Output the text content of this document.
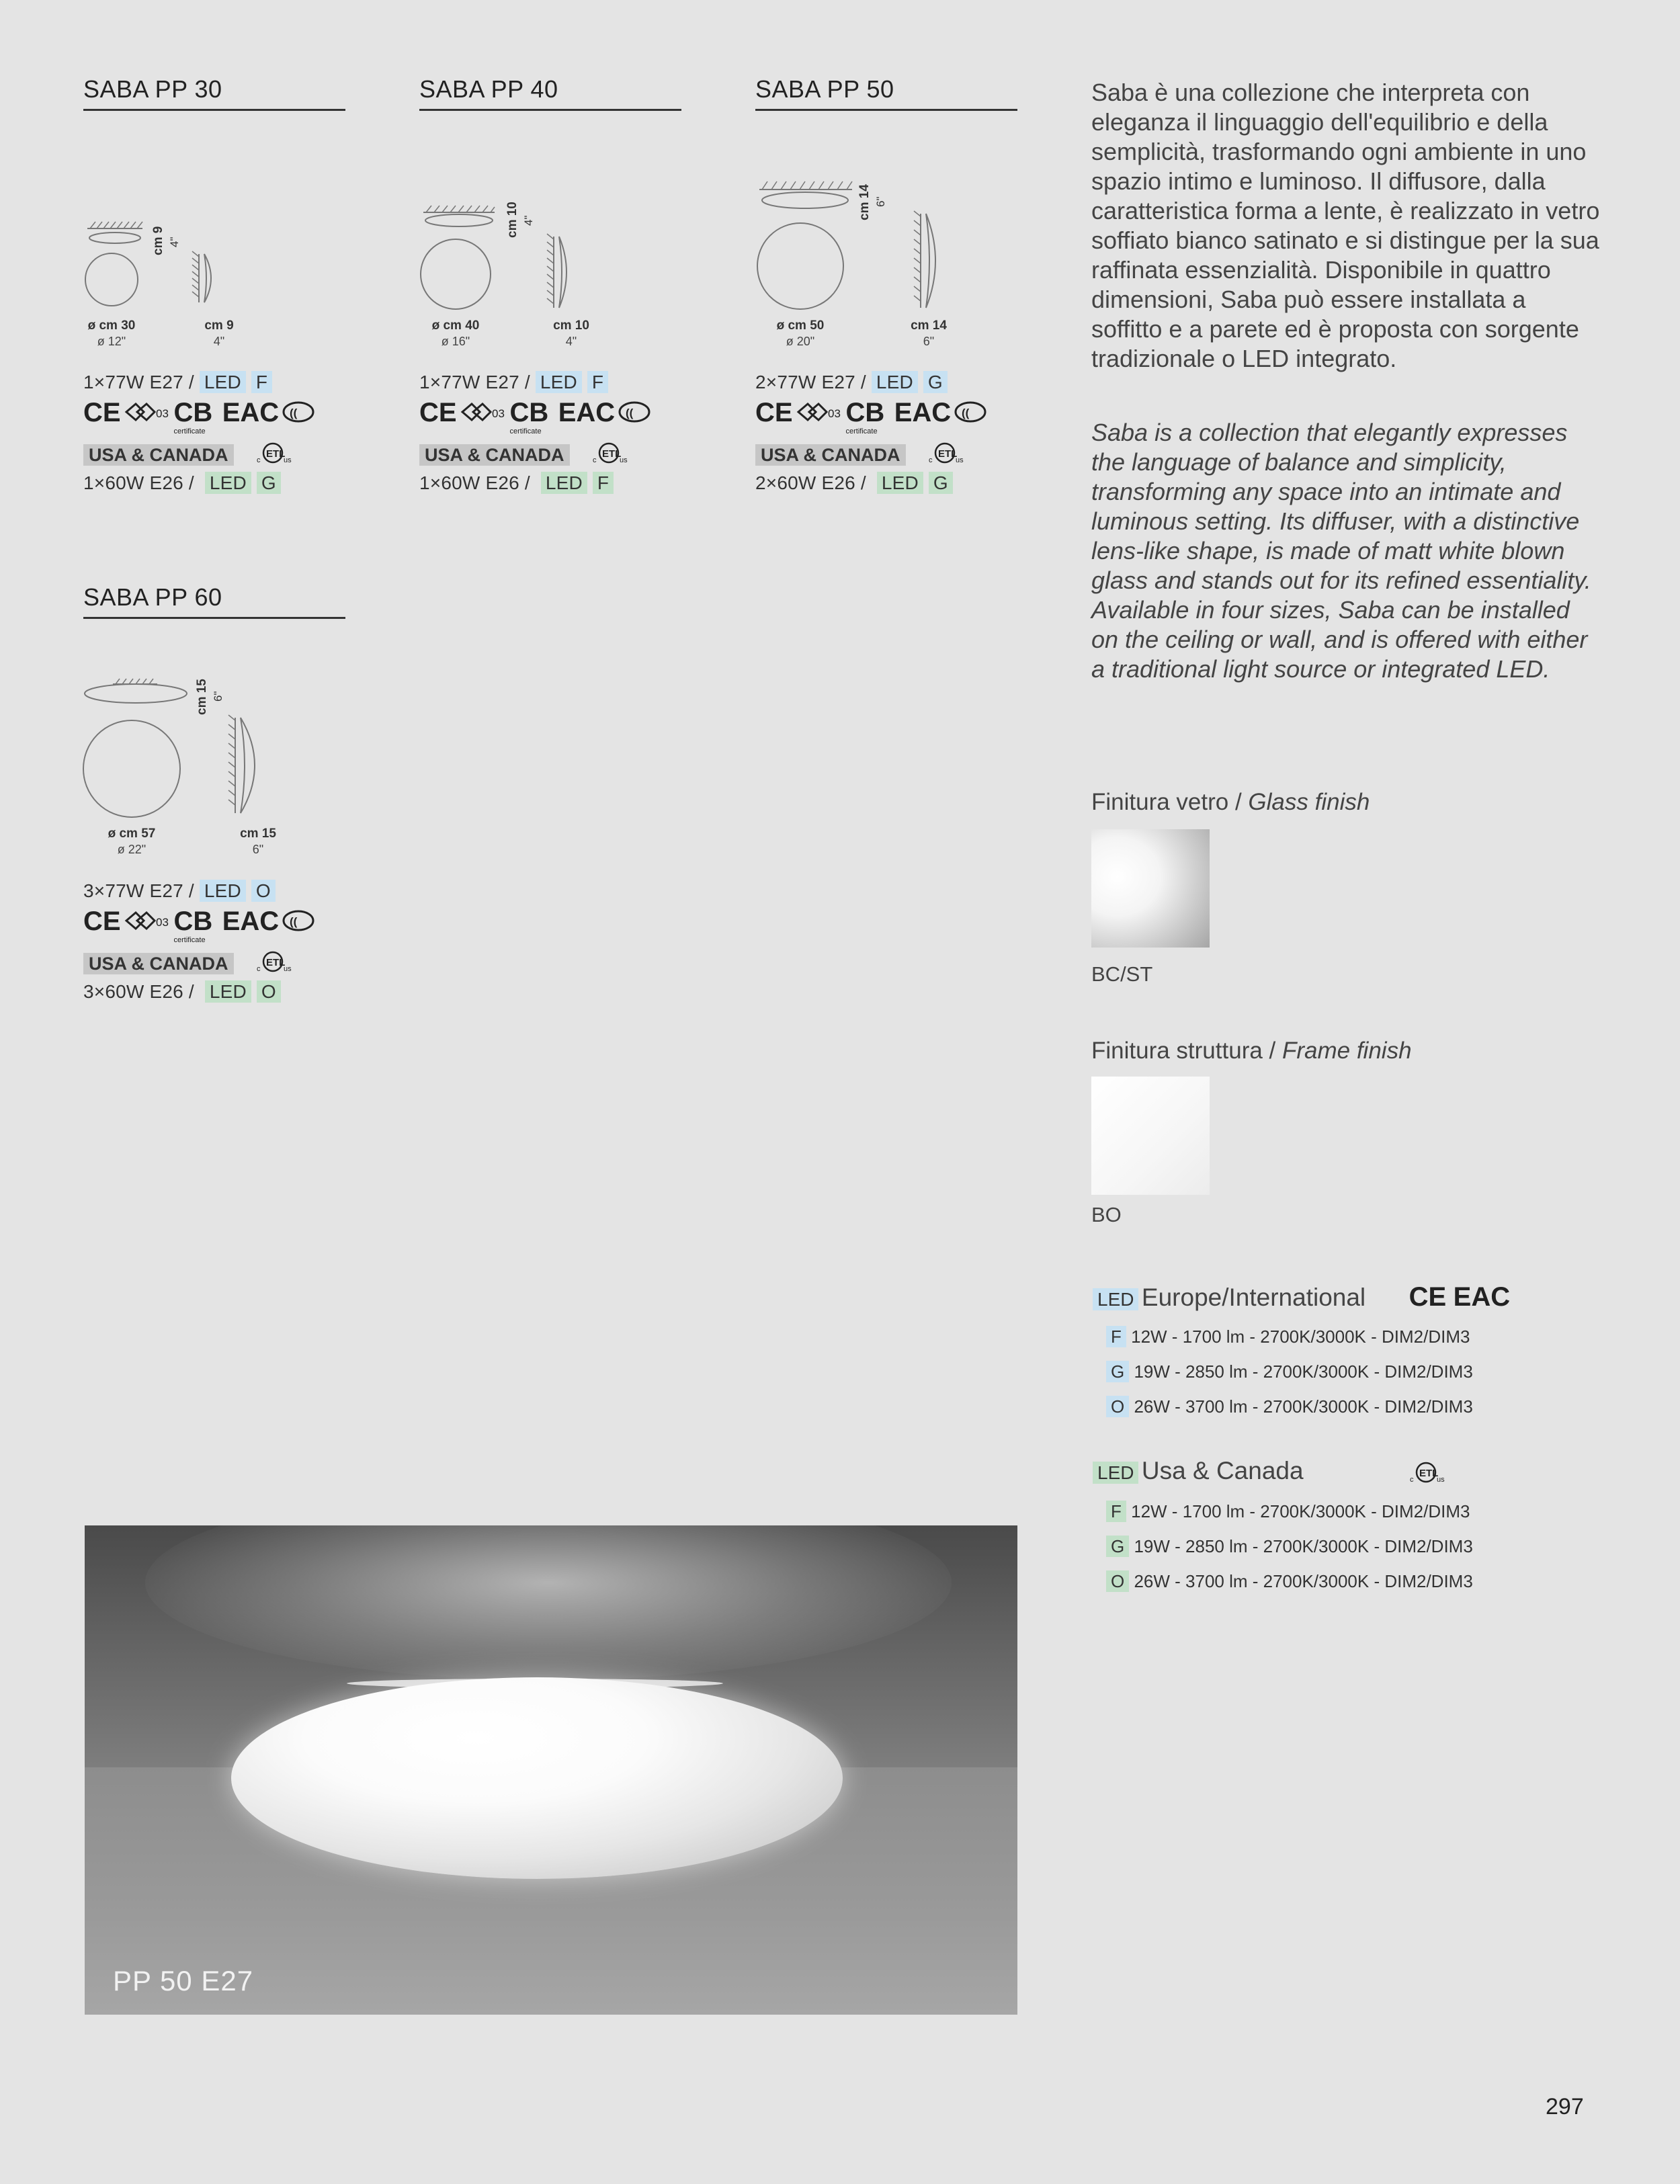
SABA PP 30
cm 9 4"
ø cm 30
ø 12"
cm 9
4"
1×77W E27 / LED F
CE	03 CB
certificate
EAC ((
USA & CANADA	ETL
c	us
1×60W E26 /  LED G
SABA PP 40
cm 10 4"
ø cm 40
ø 16"
cm 10
4"
1×77W E27 / LED F
CE	03 CB
certificate
EAC ((
USA & CANADA	ETL
c	us
1×60W E26 /  LED F
SABA PP 50
cm 14 6"
ø cm 50
ø 20"
cm 14
6"
2×77W E27 / LED G
CE	03 CB
certificate
EAC ((
USA & CANADA	ETL
c	us
2×60W E26 /  LED G
SABA PP 60
cm 15 6"
ø cm 57
ø 22"
cm 15
6"
3×77W E27 / LED O
CE	03 CB
certificate
EAC ((
USA & CANADA	ETL
c	us
3×60W E26 /  LED O
Saba è una collezione che interpreta con eleganza il linguaggio dell'equilibrio e della semplicità, trasformando ogni ambiente in uno spazio intimo e luminoso. Il diffusore, dalla caratteristica forma a lente, è realizzato in vetro soffiato bianco satinato e si distingue per la sua raffinata essenzialità. Disponibile in quattro dimensioni, Saba può essere installata a soffitto e a parete ed è proposta con sorgente tradizionale o LED integrato.
Saba is a collection that elegantly expresses the language of balance and simplicity, transforming any space into an intimate and luminous setting. Its diffuser, with a distinctive lens-like shape, is made of matt white blown glass and stands out for its refined essentiality. Available in four sizes, Saba can be installed on the ceiling or wall, and is offered with either a traditional light source or integrated LED.
Finitura vetro / Glass finish
BC/ST
Finitura struttura / Frame finish
BO
LED Europe/International CE EAC
F 12W - 1700 lm - 2700K/3000K - DIM2/DIM3
G 19W - 2850 lm - 2700K/3000K - DIM2/DIM3
O 26W - 3700 lm - 2700K/3000K - DIM2/DIM3
LED Usa & Canada	ETL
c	us
F 12W - 1700 lm - 2700K/3000K - DIM2/DIM3
G 19W - 2850 lm - 2700K/3000K - DIM2/DIM3
O 26W - 3700 lm - 2700K/3000K - DIM2/DIM3
PP 50 E27
297
